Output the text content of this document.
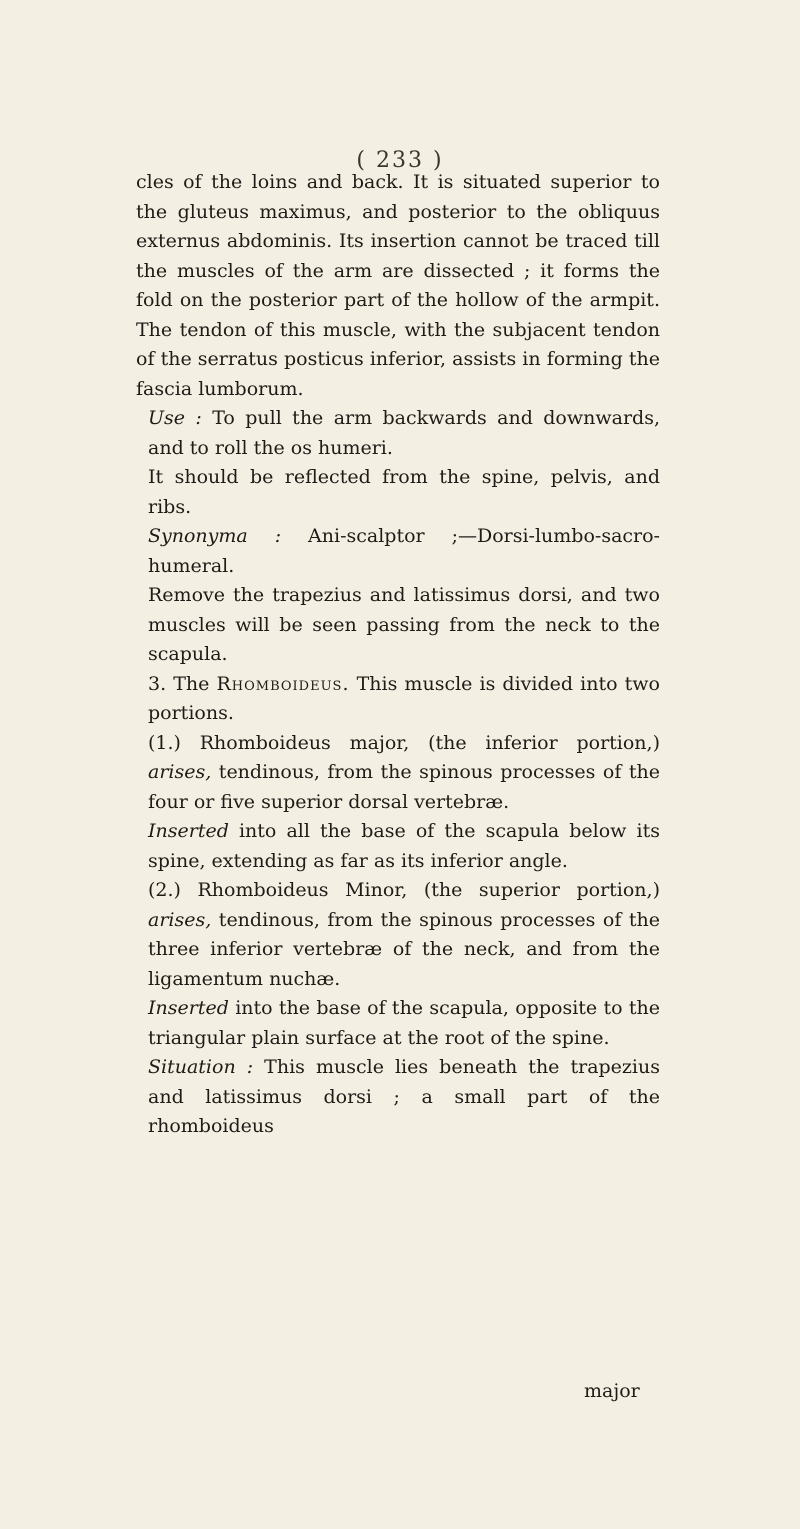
( 233 )

cles of the loins and back. It is situated superior to the gluteus maximus, and posterior to the obliquus externus abdominis. Its insertion cannot be traced till the muscles of the arm are dissected ; it forms the fold on the posterior part of the hollow of the armpit. The tendon of this muscle, with the subjacent tendon of the serratus posticus inferior, assists in forming the fascia lumborum.

Use : To pull the arm backwards and downwards, and to roll the os humeri.

It should be reflected from the spine, pelvis, and ribs.

Synonyma : Ani-scalptor ;—Dorsi-lumbo-sacro-humeral.

Remove the trapezius and latissimus dorsi, and two muscles will be seen passing from the neck to the scapula.

3. The Rhomboideus. This muscle is divided into two portions.

(1.) Rhomboideus major, (the inferior portion,) arises, tendinous, from the spinous processes of the four or five superior dorsal vertebræ.

Inserted into all the base of the scapula below its spine, extending as far as its inferior angle.

(2.) Rhomboideus Minor, (the superior portion,) arises, tendinous, from the spinous processes of the three inferior vertebræ of the neck, and from the ligamentum nuchæ.

Inserted into the base of the scapula, opposite to the triangular plain surface at the root of the spine.

Situation : This muscle lies beneath the trapezius and latissimus dorsi ; a small part of the rhomboideus

major
